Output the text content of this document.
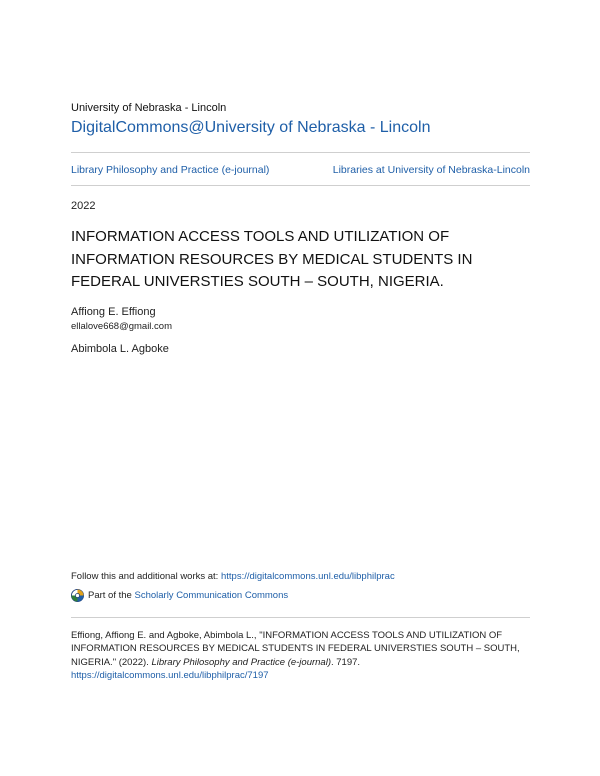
University of Nebraska - Lincoln
DigitalCommons@University of Nebraska - Lincoln
Library Philosophy and Practice (e-journal)	Libraries at University of Nebraska-Lincoln
2022
INFORMATION ACCESS TOOLS AND UTILIZATION OF INFORMATION RESOURCES BY MEDICAL STUDENTS IN FEDERAL UNIVERSTIES SOUTH – SOUTH, NIGERIA.
Affiong E. Effiong
ellalove668@gmail.com
Abimbola L. Agboke
Follow this and additional works at: https://digitalcommons.unl.edu/libphilprac
Part of the
Scholarly Communication Commons
Effiong, Affiong E. and Agboke, Abimbola L., "INFORMATION ACCESS TOOLS AND UTILIZATION OF INFORMATION RESOURCES BY MEDICAL STUDENTS IN FEDERAL UNIVERSTIES SOUTH – SOUTH, NIGERIA." (2022). Library Philosophy and Practice (e-journal). 7197.
https://digitalcommons.unl.edu/libphilprac/7197
